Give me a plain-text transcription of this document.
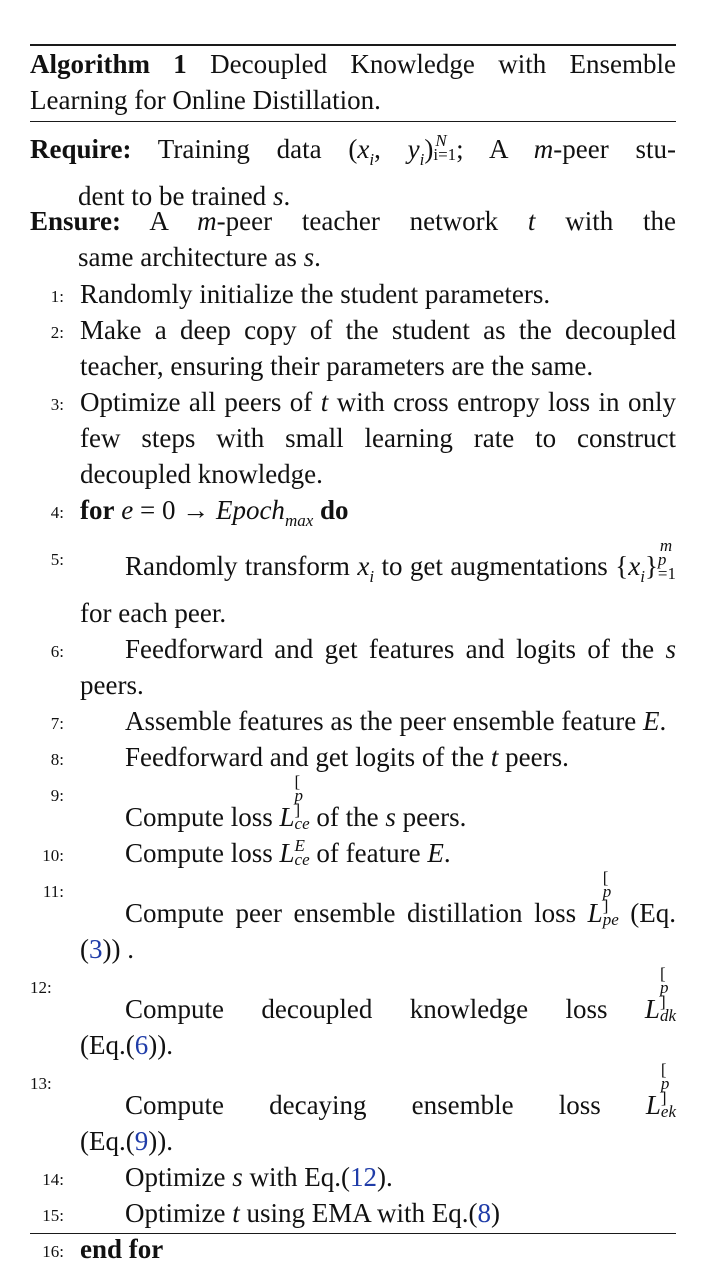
Algorithm 1 Decoupled Knowledge with Ensemble Learning for Online Distillation.
Require: Training data ($x_i$, $y_i$) N
i=1 ; A m-peer stu-
dent to be trained s.
Ensure: A m-peer teacher network t with the
same architecture as s.
1: Randomly initialize the student parameters.
2: Make a deep copy of the student as the decoupled teacher, ensuring their parameters are the same.
3: Optimize all peers of t with cross entropy loss in only few steps with small learning rate to construct decoupled knowledge.
4: for e = 0 → Epoch$_{max}$ do
5: Randomly transform $x_i$ to get augmentations $\{x_i\}$
m
p
=1
for each peer.
6: Feedforward and get features and logits of the s peers.
7: Assemble features as the peer ensemble feature E.
8: Feedforward and get logits of the t peers.
9:
Compute loss L
[
p
]
ce of the s peers.
10: Compute loss L E
ce of feature E.
11:
Compute peer ensemble distillation loss L
[
p
]
pe (Eq.(3)) .
12:
Compute decoupled knowledge loss L
[
p
]
dk
(Eq.(6)).
13:
Compute decaying ensemble loss L
[
p
]
ek
(Eq.(9)).
14: Optimize s with Eq.(12).
15: Optimize t using EMA with Eq.(8)
16: end for
